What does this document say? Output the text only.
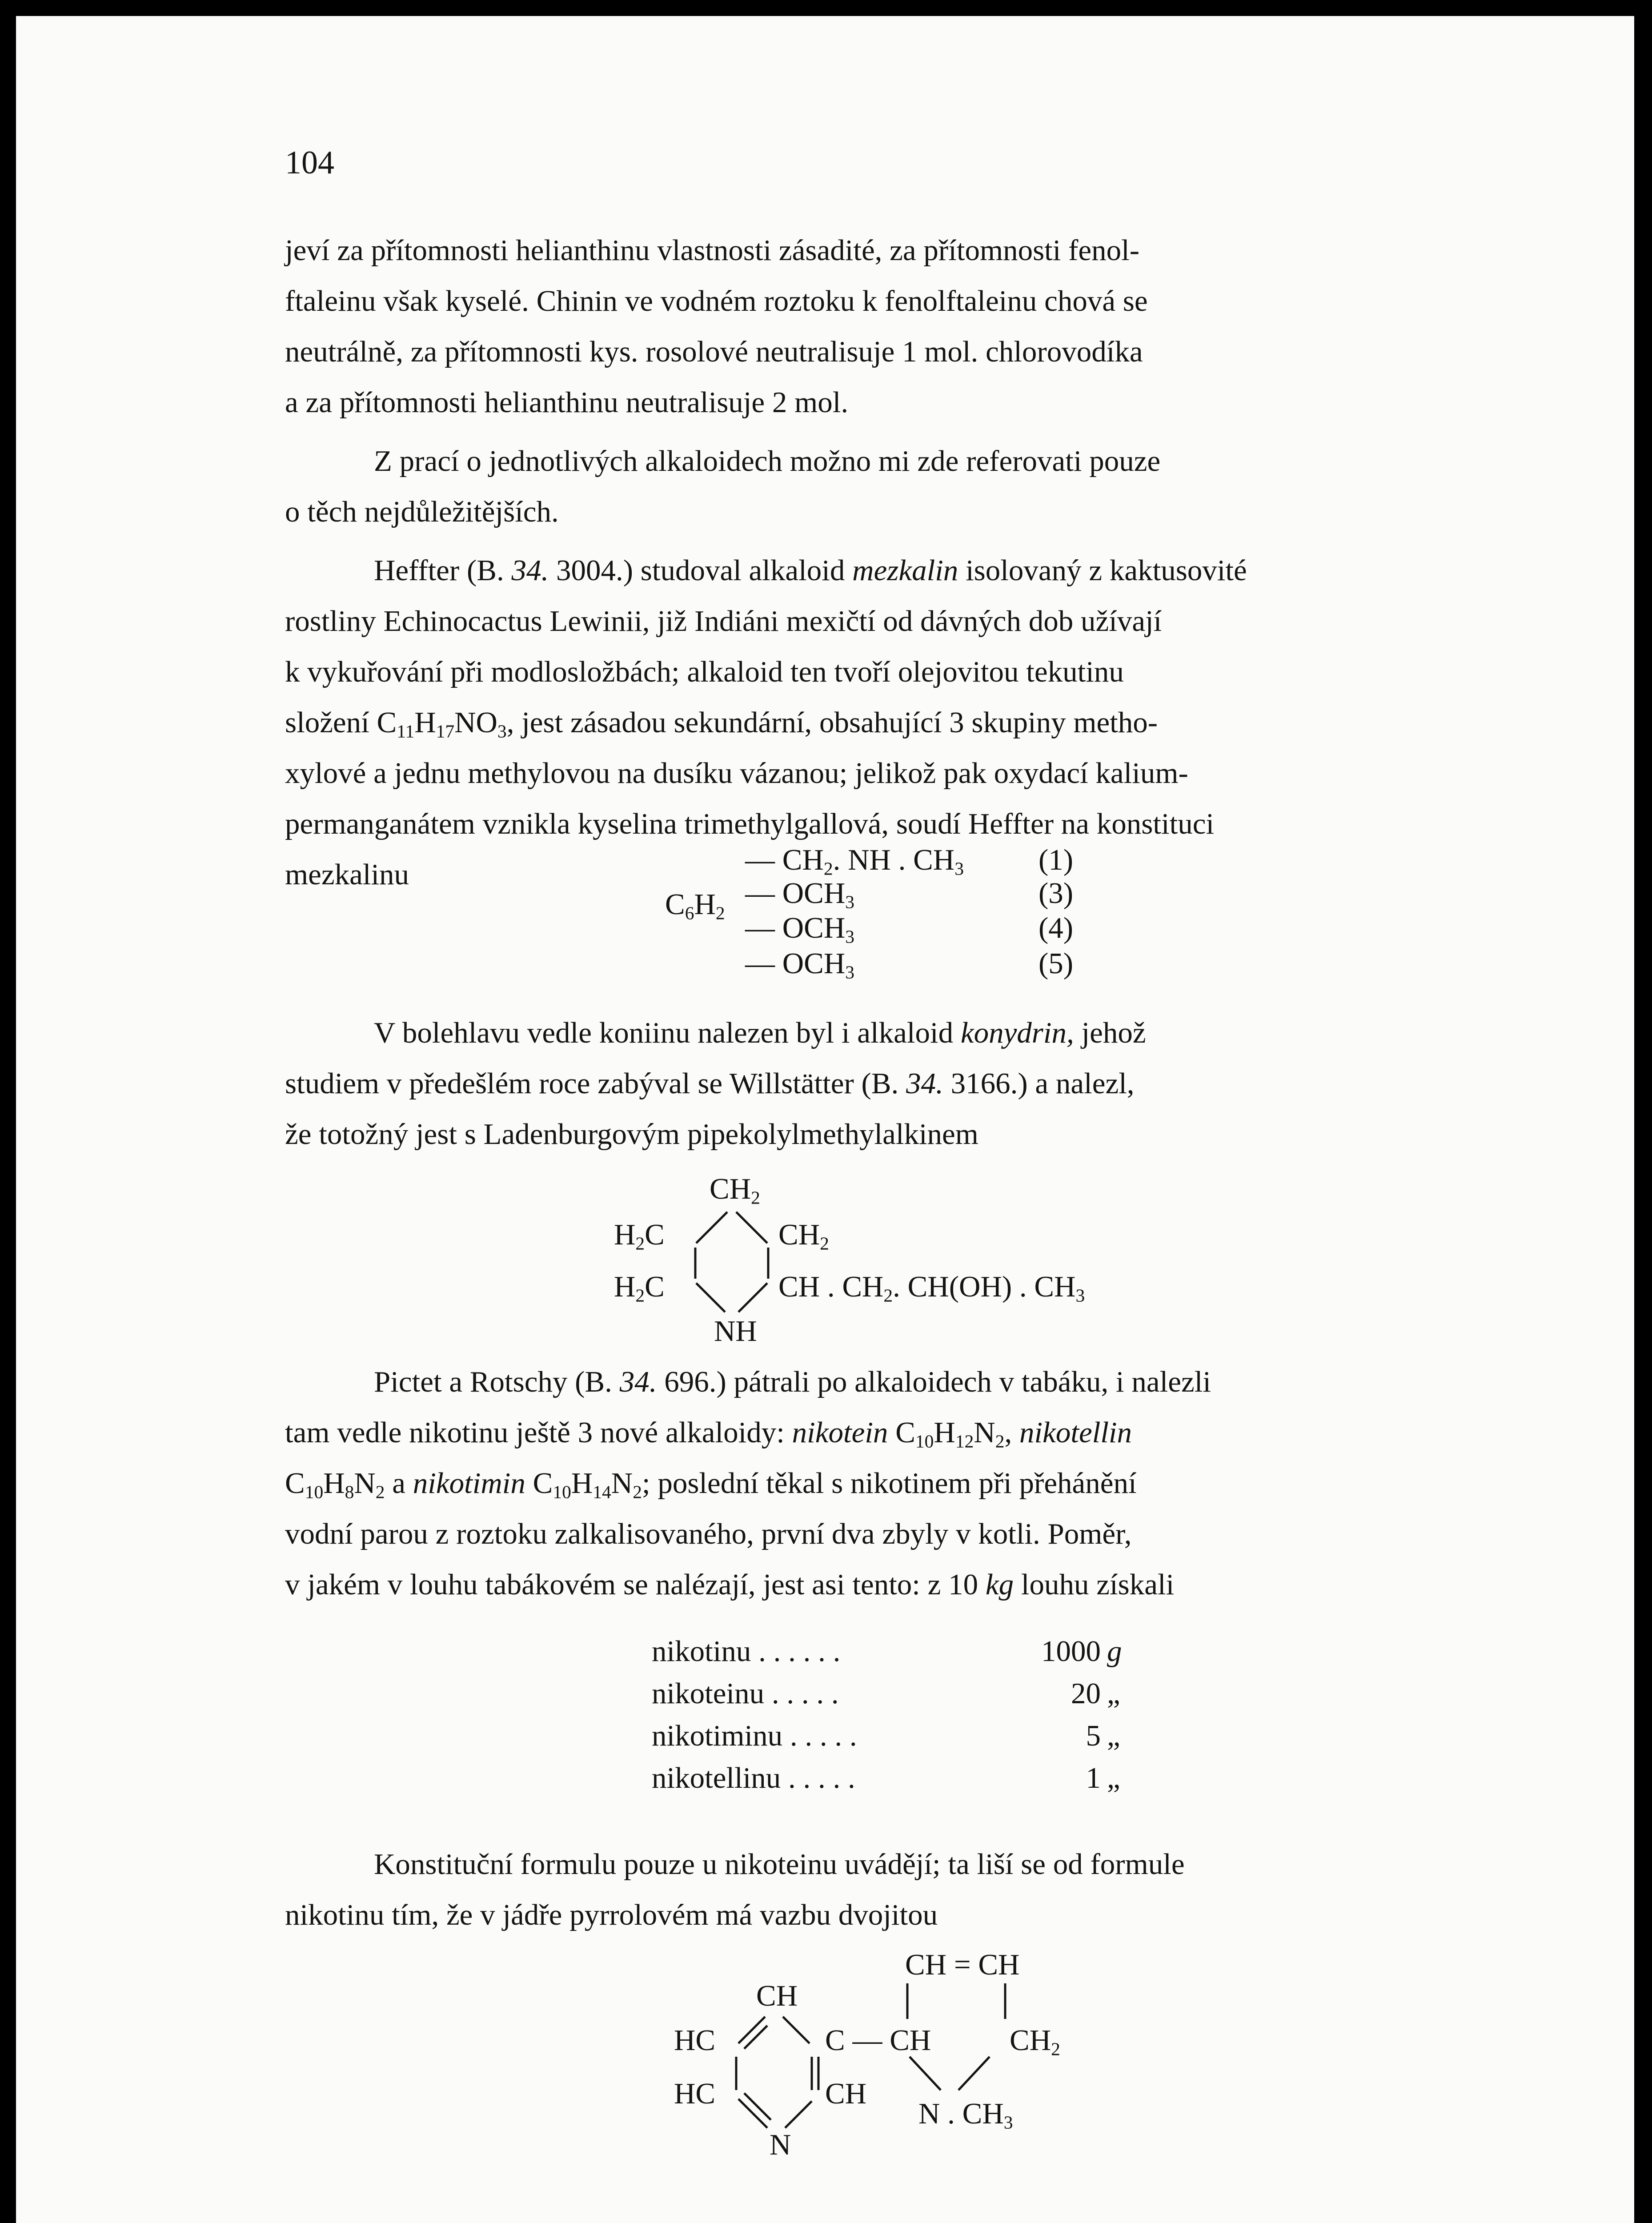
104

jeví za přítomnosti helianthinu vlastnosti zásadité, za přítomnosti fenol-
ftaleinu však kyselé. Chinin ve vodném roztoku k fenolftaleinu chová se
neutrálně, za přítomnosti kys. rosolové neutralisuje 1 mol. chlorovodíka
a za přítomnosti helianthinu neutralisuje 2 mol.

Z prací o jednotlivých alkaloidech možno mi zde referovati pouze
o těch nejdůležitějších.

Heffter (B. 34. 3004.) studoval alkaloid mezkalin isolovaný z kaktusovité
rostliny Echinocactus Lewinii, již Indiáni mexičtí od dávných dob užívají
k vykuřování při modlosložbách; alkaloid ten tvoří olejovitou tekutinu
složení $C_{11}H_{17}NO_3$, jest zásadou sekundární, obsahující 3 skupiny metho-
xylové a jednu methylovou na dusíku vázanou; jelikož pak oxydací kalium-
permanganátem vznikla kyselina trimethylgallová, soudí Heffter na konstituci
mezkalinu

$C_6H_2$
— $CH_2$. NH . $CH_3$	(1)
— $OCH_3$	(3)
— $OCH_3$	(4)
— $OCH_3$	(5)

V bolehlavu vedle koniinu nalezen byl i alkaloid konydrin, jehož
studiem v předešlém roce zabýval se Willstätter (B. 34. 3166.) a nalezl,
že totožný jest s Ladenburgovým pipekolylmethylalkinem

$CH_2$
$H_2C$	$CH_2$
$H_2C$	CH . $CH_2$. CH(OH) . $CH_3$
NH

Pictet a Rotschy (B. 34. 696.) pátrali po alkaloidech v tabáku, i nalezli
tam vedle nikotinu ještě 3 nové alkaloidy: nikotein $C_{10}H_{12}N_2$, nikotellin
$C_{10}H_8N_2$ a nikotimin $C_{10}H_{14}N_2$; poslední těkal s nikotinem při přehánění
vodní parou z roztoku zalkalisovaného, první dva zbyly v kotli. Poměr,
v jakém v louhu tabákovém se nalézají, jest asi tento: z 10 kg louhu získali

nikotinu . . . . . .	1000 g
nikoteinu . . . . .	20 „
nikotiminu . . . . .	5 „
nikotellinu . . . . .	1 „

Konstituční formulu pouze u nikoteinu uvádějí; ta liší se od formule
nikotinu tím, že v jádře pyrrolovém má vazbu dvojitou

CH = CH
CH
HC	C — CH	$CH_2$
HC	CH
N . $CH_3$
N
